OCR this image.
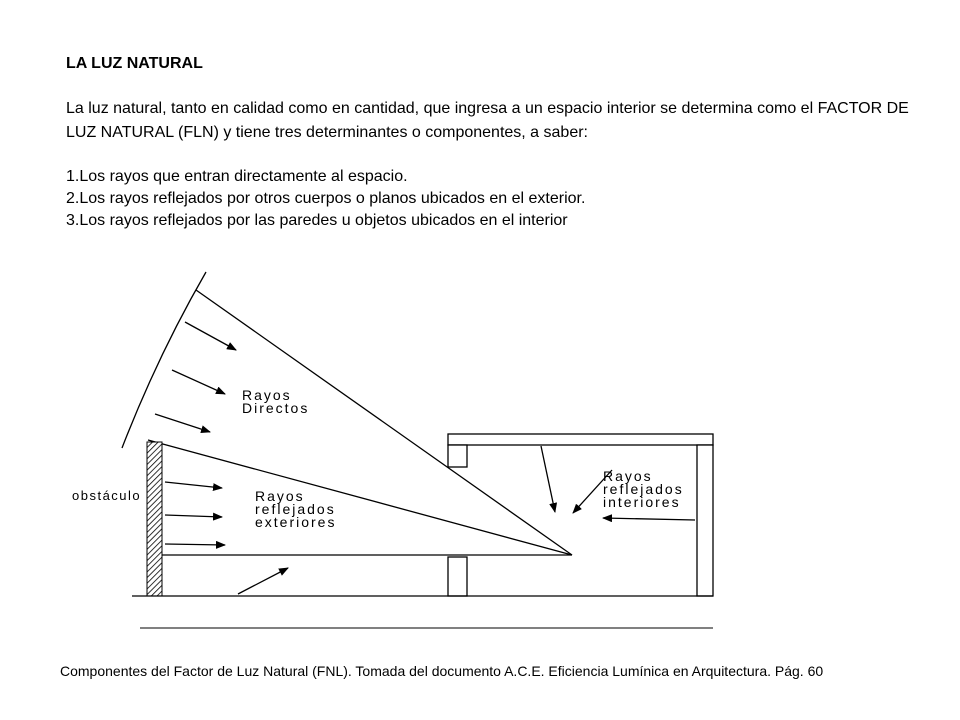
LA LUZ NATURAL

La luz natural, tanto en calidad como en cantidad, que ingresa a un espacio interior se determina como el FACTOR DE LUZ NATURAL (FLN) y tiene tres determinantes o componentes, a saber:

1.Los rayos que entran directamente al espacio.
2.Los rayos reflejados por otros cuerpos o planos ubicados en el exterior.
3.Los rayos reflejados por las paredes u objetos ubicados en el interior
Rayos
Directos
obstáculo	Rayos
reflejados
exteriores
Rayos
reflejados
interiores

Componentes del Factor de Luz Natural (FNL). Tomada del documento A.C.E. Eficiencia Lumínica en Arquitectura. Pág. 60
